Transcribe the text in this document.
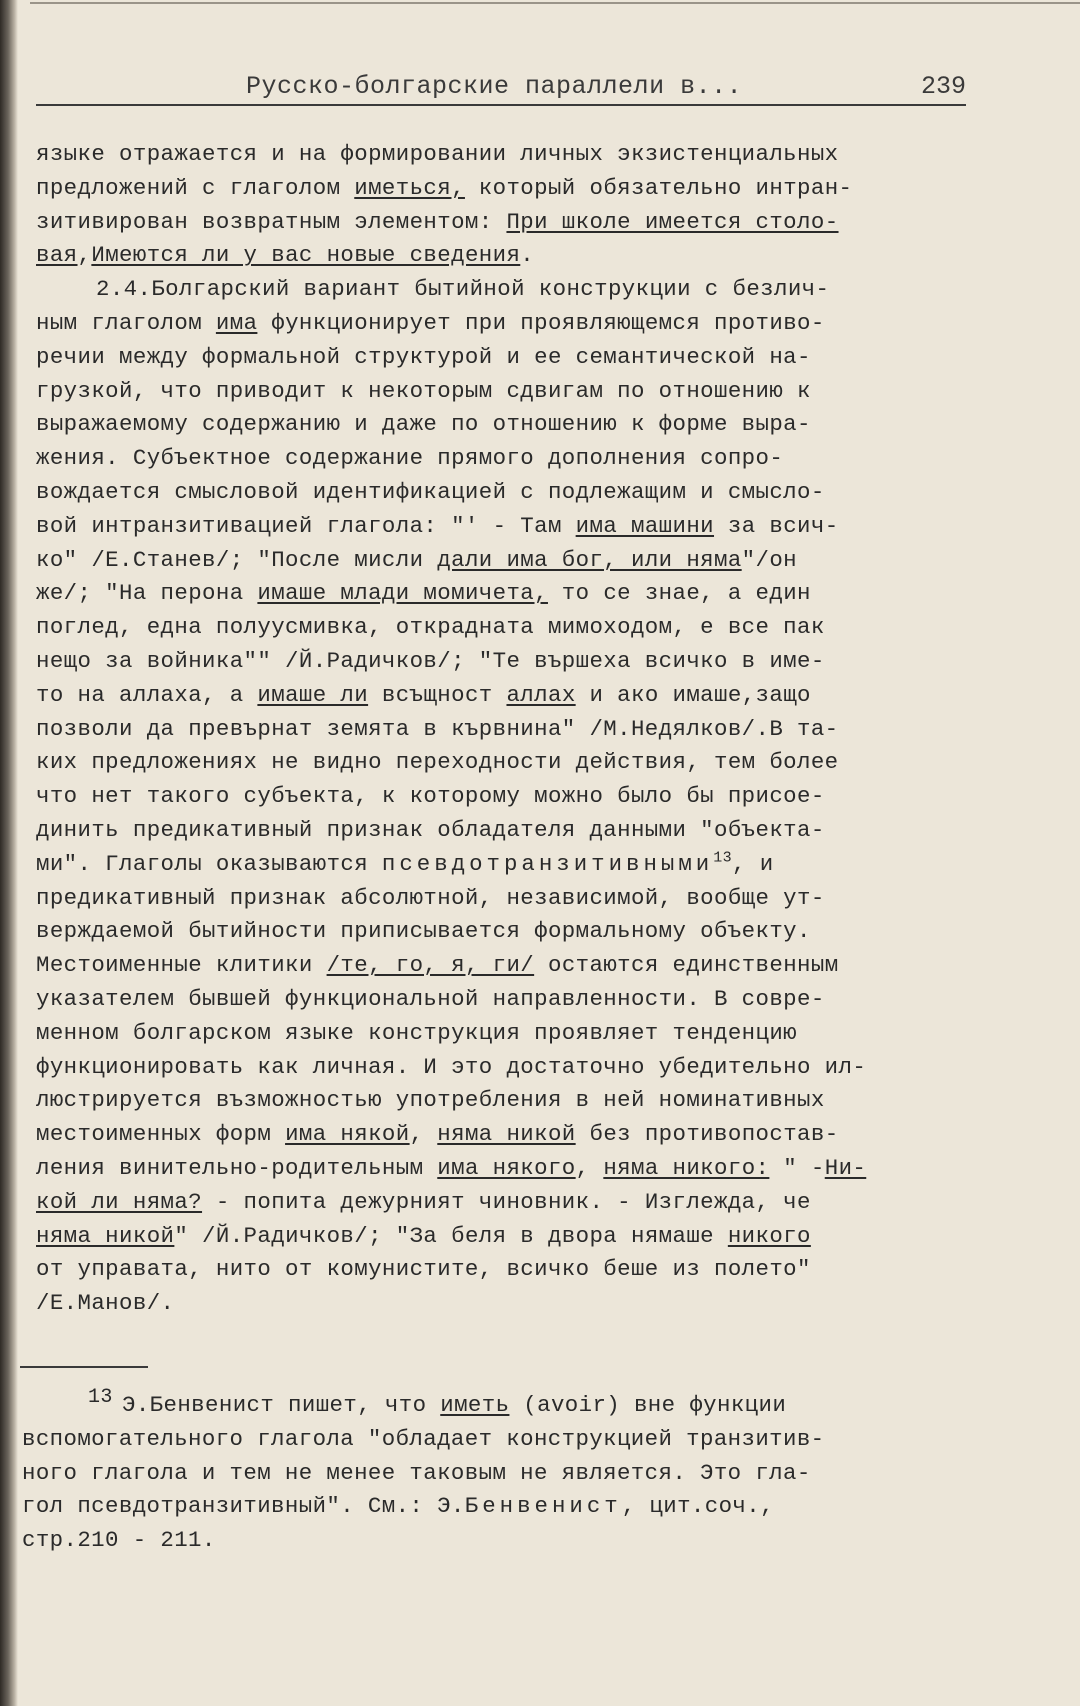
Русско-болгарские параллели в...	239
языке отражается и на формировании личных экзистенциальных
предложений с глаголом иметься, который обязательно интран-
зитивирован возвратным элементом: При школе имеется столо-
вая,Имеются ли у вас новые сведения.
2.4.Болгарский вариант бытийной конструкции с безлич-
ным глаголом има функционирует при проявляющемся противо-
речии между формальной структурой и ее семантической на-
грузкой, что приводит к некоторым сдвигам по отношению к
выражаемому содержанию и даже по отношению к форме выра-
жения. Субъектное содержание прямого дополнения сопро-
вождается смысловой идентификацией с подлежащим и смысло-
вой интранзитивацией глагола: "' - Там има машини за всич-
ко" /Е.Станев/; "После мисли дали има бог, или няма"/он
же/; "На перона имаше млади момичета, то се знае, а един
поглед, една полуусмивка, открадната мимоходом, е все пак
нещо за войника"" /Й.Радичков/; "Те вършеха всичко в име-
то на аллаха, а имаше ли всъщност аллах и ако имаше,защо
позволи да превърнат земята в кървнина" /М.Недялков/.В та-
ких предложениях не видно переходности действия, тем более
что нет такого субъекта, к которому можно было бы присое-
динить предикативный признак обладателя данными "объекта-
ми". Глаголы оказываются псевдотранзитивными$^{13}$, и
предикативный признак абсолютной, независимой, вообще ут-
верждаемой бытийности приписывается формальному объекту.
Местоименные клитики /те, го, я, ги/ остаются единственным
указателем бывшей функциональной направленности. В совре-
менном болгарском языке конструкция проявляет тенденцию
функционировать как личная. И это достаточно убедительно ил-
люстрируется възможностью употребления в ней номинативных
местоименных форм има някой, няма никой без противопостав-
ления винительно-родительным има някого, няма никого: " -Ни-
кой ли няма? - попита дежурният чиновник. - Изглежда, че
няма никой" /Й.Радичков/; "За беля в двора нямаше никого
от управата, нито от комунистите, всичко беше из полето"
/Е.Манов/.
13 Э.Бенвенист пишет, что иметь (avoir) вне функции
вспомогательного глагола "обладает конструкцией транзитив-
ного глагола и тем не менее таковым не является. Это гла-
гол псевдотранзитивный". См.: Э.Бенвенист, цит.соч.,
стр.210 - 211.
